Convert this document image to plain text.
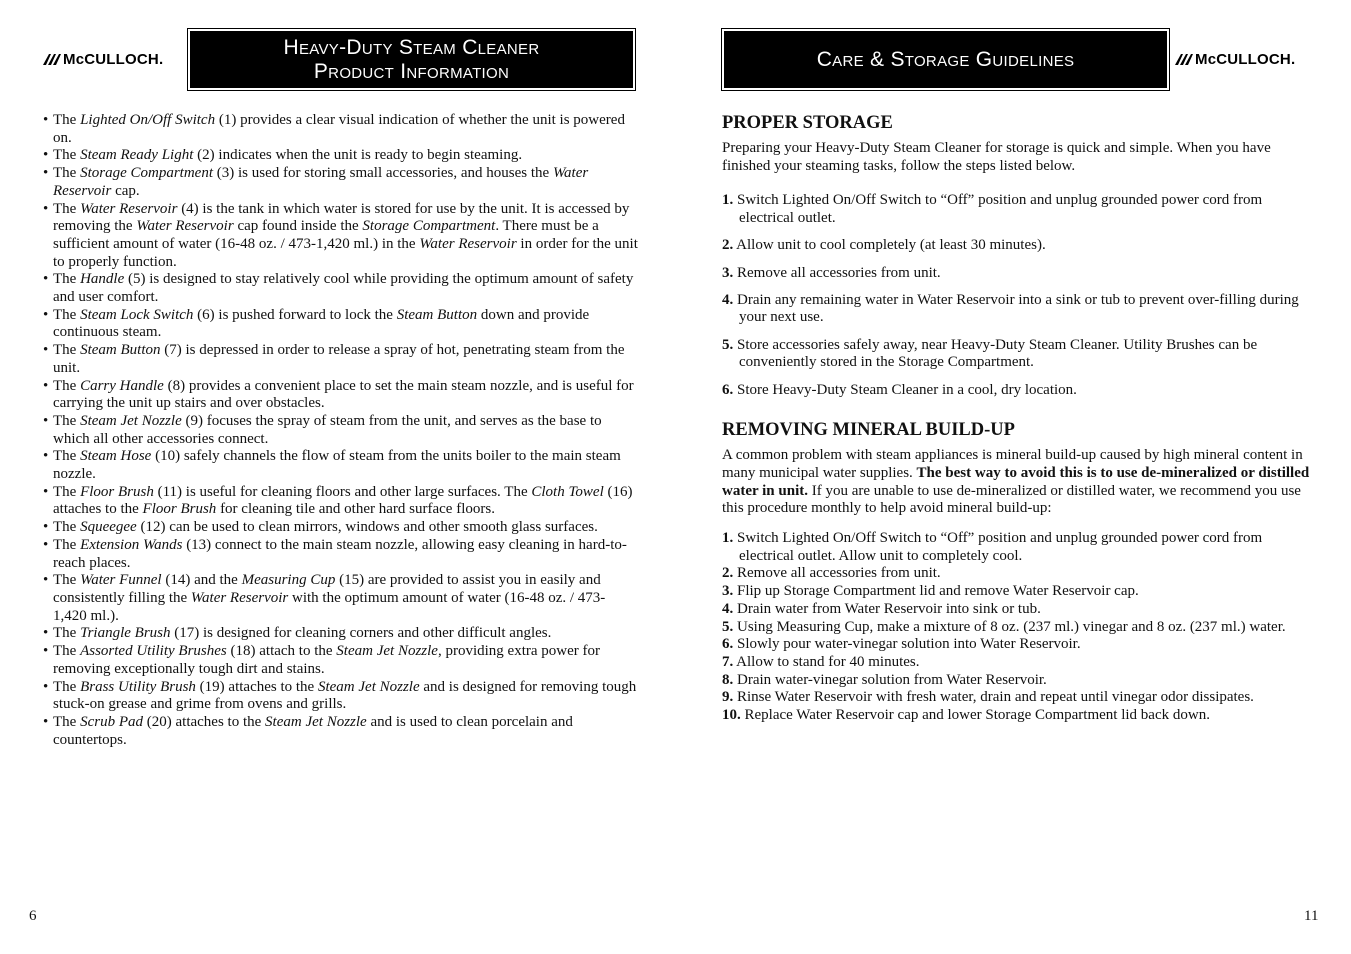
McCULLOCH.
Heavy-Duty Steam Cleaner
Product Information
• The Lighted On/Off Switch (1) provides a clear visual indication of whether the unit is powered on.
• The Steam Ready Light (2) indicates when the unit is ready to begin steaming.
• The Storage Compartment (3) is used for storing small accessories, and houses the Water Reservoir cap.
• The Water Reservoir (4) is the tank in which water is stored for use by the unit. It is accessed by removing the Water Reservoir cap found inside the Storage Compartment. There must be a sufficient amount of water (16-48 oz. / 473-1,420 ml.) in the Water Reservoir in order for the unit to properly function.
• The Handle (5) is designed to stay relatively cool while providing the optimum amount of safety and user comfort.
• The Steam Lock Switch (6) is pushed forward to lock the Steam Button down and provide continuous steam.
• The Steam Button (7) is depressed in order to release a spray of hot, penetrating steam from the unit.
• The Carry Handle (8) provides a convenient place to set the main steam nozzle, and is useful for carrying the unit up stairs and over obstacles.
• The Steam Jet Nozzle (9) focuses the spray of steam from the unit, and serves as the base to which all other accessories connect.
• The Steam Hose (10) safely channels the flow of steam from the units boiler to the main steam nozzle.
• The Floor Brush (11) is useful for cleaning floors and other large surfaces. The Cloth Towel (16) attaches to the Floor Brush for cleaning tile and other hard surface floors.
• The Squeegee (12) can be used to clean mirrors, windows and other smooth glass surfaces.
• The Extension Wands (13) connect to the main steam nozzle, allowing easy cleaning in hard-to-reach places.
• The Water Funnel (14) and the Measuring Cup (15) are provided to assist you in easily and consistently filling the Water Reservoir with the optimum amount of water (16-48 oz. / 473-1,420 ml.).
• The Triangle Brush (17) is designed for cleaning corners and other difficult angles.
• The Assorted Utility Brushes (18) attach to the Steam Jet Nozzle, providing extra power for removing exceptionally tough dirt and stains.
• The Brass Utility Brush (19) attaches to the Steam Jet Nozzle and is designed for removing tough stuck-on grease and grime from ovens and grills.
• The Scrub Pad (20) attaches to the Steam Jet Nozzle and is used to clean porcelain and countertops.
6
Care & Storage Guidelines	McCULLOCH.
PROPER STORAGE

Preparing your Heavy-Duty Steam Cleaner for storage is quick and simple. When you have finished your steaming tasks, follow the steps listed below.

1. Switch Lighted On/Off Switch to “Off” position and unplug grounded power cord from electrical outlet.
2. Allow unit to cool completely (at least 30 minutes).
3. Remove all accessories from unit.
4. Drain any remaining water in Water Reservoir into a sink or tub to prevent over-filling during your next use.
5. Store accessories safely away, near Heavy-Duty Steam Cleaner. Utility Brushes can be conveniently stored in the Storage Compartment.
6. Store Heavy-Duty Steam Cleaner in a cool, dry location.
REMOVING MINERAL BUILD-UP

A common problem with steam appliances is mineral build-up caused by high mineral content in many municipal water supplies. The best way to avoid this is to use de-mineralized or distilled water in unit. If you are unable to use de-mineralized or distilled water, we recommend you use this procedure monthly to help avoid mineral build-up:

1. Switch Lighted On/Off Switch to “Off” position and unplug grounded power cord from electrical outlet. Allow unit to completely cool.
2. Remove all accessories from unit.
3. Flip up Storage Compartment lid and remove Water Reservoir cap.
4. Drain water from Water Reservoir into sink or tub.
5. Using Measuring Cup, make a mixture of 8 oz. (237 ml.) vinegar and 8 oz. (237 ml.) water.
6. Slowly pour water-vinegar solution into Water Reservoir.
7. Allow to stand for 40 minutes.
8. Drain water-vinegar solution from Water Reservoir.
9. Rinse Water Reservoir with fresh water, drain and repeat until vinegar odor dissipates.
10. Replace Water Reservoir cap and lower Storage Compartment lid back down.
11
